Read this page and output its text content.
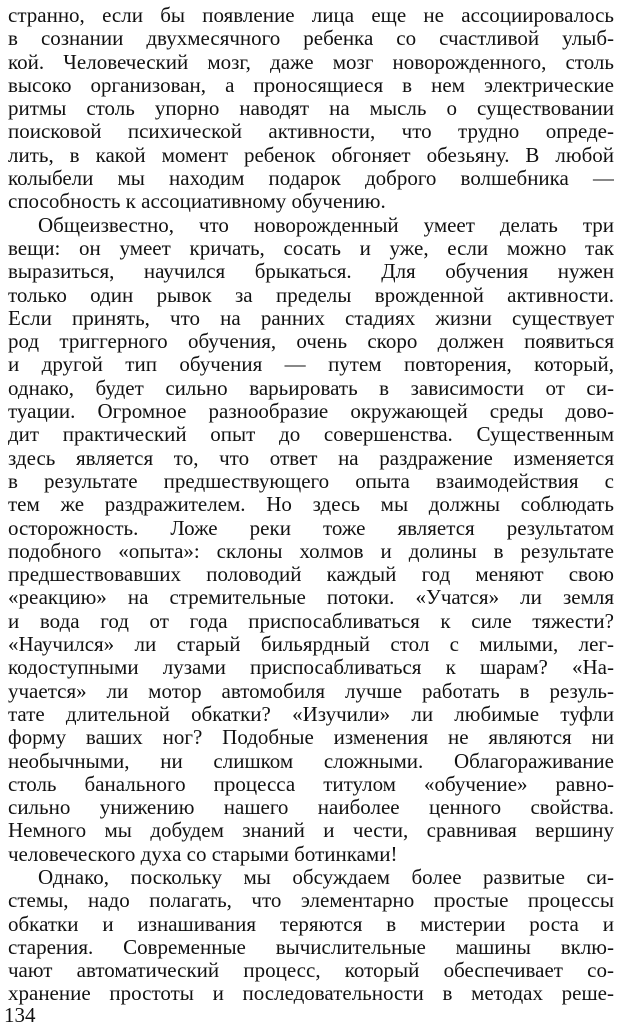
странно, если бы появление лица еще не ассоциировалось
в сознании двухмесячного ребенка со счастливой улыб-
кой. Человеческий мозг, даже мозг новорожденного, столь
высоко организован, а проносящиеся в нем электрические
ритмы столь упорно наводят на мысль о существовании
поисковой психической активности, что трудно опреде-
лить, в какой момент ребенок обгоняет обезьяну. В любой
колыбели мы находим подарок доброго волшебника —
способность к ассоциативному обучению.
Общеизвестно, что новорожденный умеет делать три
вещи: он умеет кричать, сосать и уже, если можно так
выразиться, научился брыкаться. Для обучения нужен
только один рывок за пределы врожденной активности.
Если принять, что на ранних стадиях жизни существует
род триггерного обучения, очень скоро должен появиться
и другой тип обучения — путем повторения, который,
однако, будет сильно варьировать в зависимости от си-
туации. Огромное разнообразие окружающей среды дово-
дит практический опыт до совершенства. Существенным
здесь является то, что ответ на раздражение изменяется
в результате предшествующего опыта взаимодействия с
тем же раздражителем. Но здесь мы должны соблюдать
осторожность. Ложе реки тоже является результатом
подобного «опыта»: склоны холмов и долины в результате
предшествовавших половодий каждый год меняют свою
«реакцию» на стремительные потоки. «Учатся» ли земля
и вода год от года приспосабливаться к силе тяжести?
«Научился» ли старый бильярдный стол с милыми, лег-
кодоступными лузами приспосабливаться к шарам? «На-
учается» ли мотор автомобиля лучше работать в резуль-
тате длительной обкатки? «Изучили» ли любимые туфли
форму ваших ног? Подобные изменения не являются ни
необычными, ни слишком сложными. Облагораживание
столь банального процесса титулом «обучение» равно-
сильно унижению нашего наиболее ценного свойства.
Немного мы добудем знаний и чести, сравнивая вершину
человеческого духа со старыми ботинками!
Однако, поскольку мы обсуждаем более развитые си-
стемы, надо полагать, что элементарно простые процессы
обкатки и изнашивания теряются в мистерии роста и
старения. Современные вычислительные машины вклю-
чают автоматический процесс, который обеспечивает со-
хранение простоты и последовательности в методах реше-
134
